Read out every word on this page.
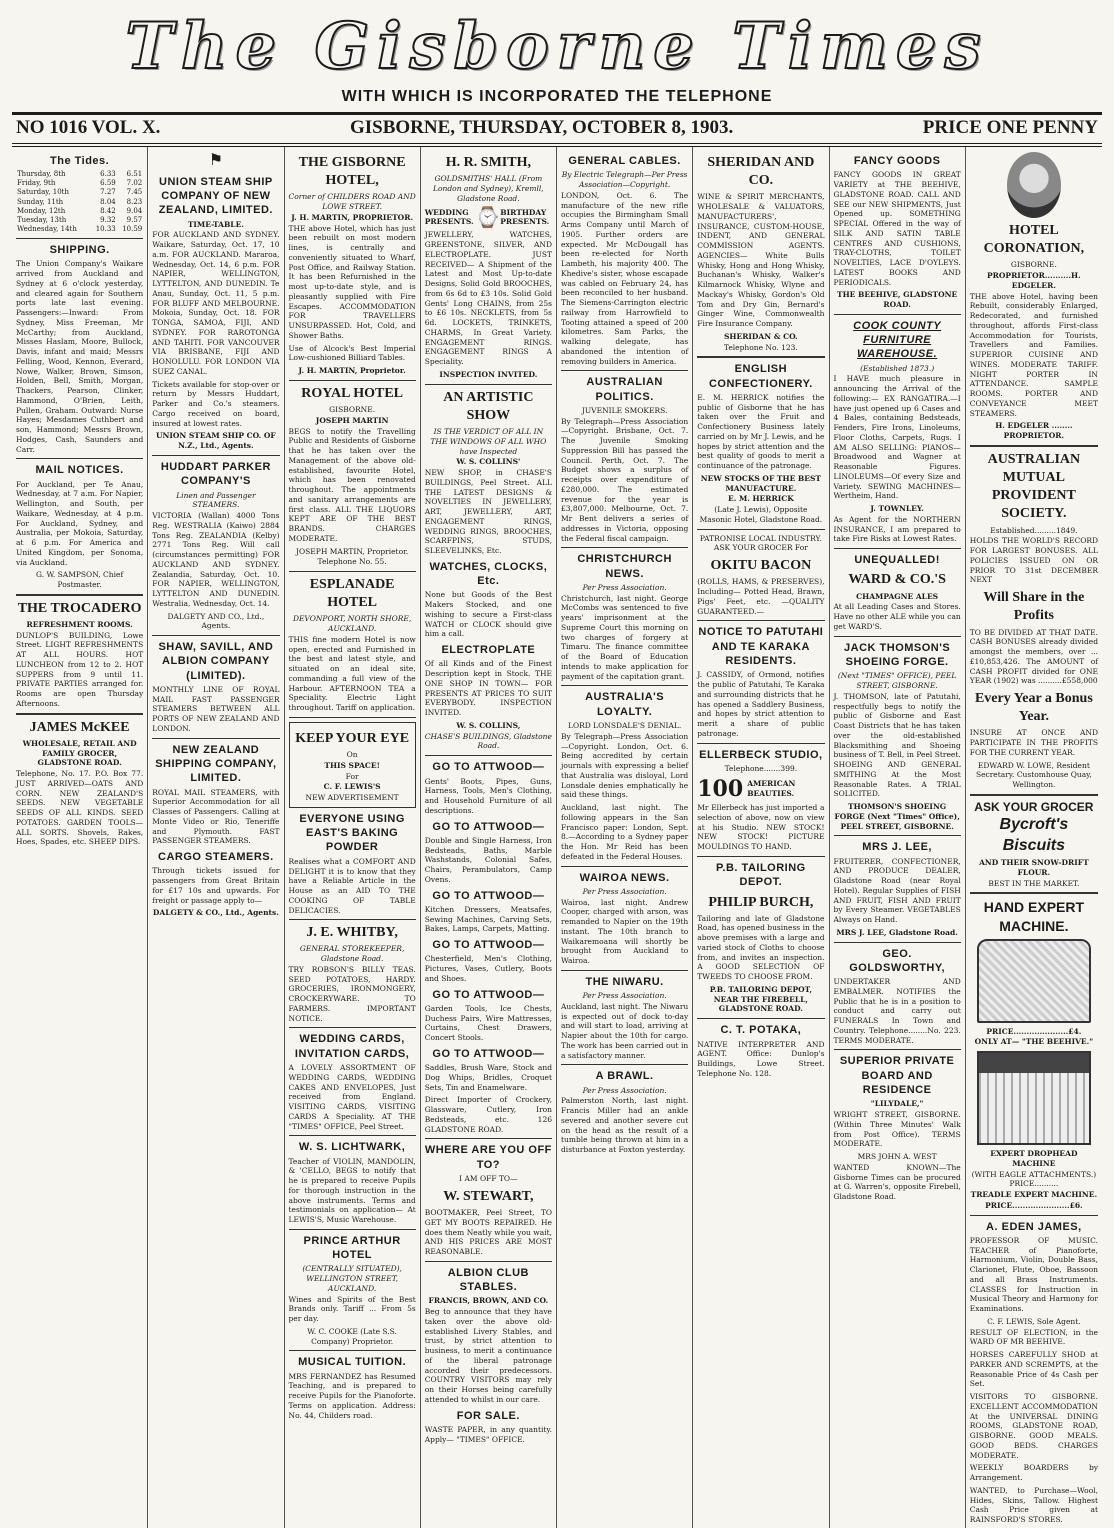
The Gisborne Times
WITH WHICH IS INCORPORATED THE TELEPHONE
NO 1016 VOL. X.	GISBORNE, THURSDAY, OCTOBER 8, 1903.	PRICE ONE PENNY
The Tides.
Thursday, 8th	6.33	6.51
Friday, 9th	6.59	7.02
Saturday, 10th	7.27	7.45
Sunday, 11th	8.04	8.23
Monday, 12th	8.42	9.04
Tuesday, 13th	9.32	9.57
Wednesday, 14th	10.33	10.59
SHIPPING.

The Union Company's Waikare arrived from Auckland and Sydney at 6 o'clock yesterday, and cleared again for Southern ports late last evening. Passengers:—Inward: From Sydney, Miss Freeman, Mr McCarthy; from Auckland, Misses Haslam, Moore, Bullock, Davis, infant and maid; Messrs Felling, Wood, Kennon, Everard, Nowe, Walker, Brown, Simson, Holden, Bell, Smith, Morgan, Thackers, Pearson, Clinker, Hammond, O'Brien, Leith, Pullen, Graham. Outward: Nurse Hayes; Mesdames Cuthbert and son, Hammond; Messrs Brown, Hodges, Cash, Saunders and Carr.

MAIL NOTICES.

For Auckland, per Te Anau, Wednesday, at 7 a.m. For Napier, Wellington, and South, per Waikare, Wednesday, at 4 p.m. For Auckland, Sydney, and Australia, per Mokoia, Saturday, at 6 p.m. For America and United Kingdom, per Sonoma, via Auckland.

G. W. SAMPSON, Chief Postmaster.

THE TROCADERO
REFRESHMENT ROOMS.

DUNLOP'S BUILDING, Lowe Street. LIGHT REFRESHMENTS AT ALL HOURS. HOT LUNCHEON from 12 to 2. HOT SUPPERS from 9 until 11. PRIVATE PARTIES arranged for. Rooms are open Thursday Afternoons.

JAMES McKEE
WHOLESALE, RETAIL AND FAMILY GROCER, GLADSTONE ROAD.

Telephone, No. 17. P.O. Box 77. JUST ARRIVED—OATS AND CORN. NEW ZEALAND'S SEEDS. NEW VEGETABLE SEEDS OF ALL KINDS. SEED POTATOES. GARDEN TOOLS—ALL SORTS. Shovels, Rakes, Hoes, Spades, etc. SHEEP DIPS.

⚑
UNION STEAM SHIP COMPANY OF NEW ZEALAND, LIMITED.
TIME-TABLE.

FOR AUCKLAND AND SYDNEY. Waikare, Saturday, Oct. 17, 10 a.m. FOR AUCKLAND. Mararoa, Wednesday, Oct. 14, 6 p.m. FOR NAPIER, WELLINGTON, LYTTELTON, AND DUNEDIN. Te Anau, Sunday, Oct. 11, 5 p.m. FOR BLUFF AND MELBOURNE. Mokoia, Sunday, Oct. 18. FOR TONGA, SAMOA, FIJI, AND SYDNEY. FOR RAROTONGA AND TAHITI. FOR VANCOUVER VIA BRISBANE, FIJI AND HONOLULU. FOR LONDON VIA SUEZ CANAL.

Tickets available for stop-over or return by Messrs Huddart, Parker and Co.'s steamers. Cargo received on board, insured at lowest rates.

UNION STEAM SHIP CO. OF N.Z., Ltd., Agents.

HUDDART PARKER COMPANY'S
Linen and Passenger STEAMERS.

VICTORIA (Wallan) 4000 Tons Reg. WESTRALIA (Kaiwo) 2884 Tons Reg. ZEALANDIA (Kelby) 2771 Tons Reg. Will call (circumstances permitting) FOR AUCKLAND AND SYDNEY. Zealandia, Saturday, Oct. 10. FOR NAPIER, WELLINGTON, LYTTELTON AND DUNEDIN. Westralia, Wednesday, Oct. 14.

DALGETY AND CO., Ltd., Agents.

SHAW, SAVILL, AND ALBION COMPANY (LIMITED).

MONTHLY LINE OF ROYAL MAIL FAST PASSENGER STEAMERS BETWEEN ALL PORTS OF NEW ZEALAND AND LONDON.

NEW ZEALAND SHIPPING COMPANY, LIMITED.

ROYAL MAIL STEAMERS, with Superior Accommodation for all Classes of Passengers. Calling at Monte Video or Rio, Teneriffe and Plymouth. FAST PASSENGER STEAMERS.

CARGO STEAMERS.

Through tickets issued for passengers from Great Britain for £17 10s and upwards. For freight or passage apply to—

DALGETY & CO., Ltd., Agents.

THE GISBORNE HOTEL,
Corner of CHILDERS ROAD AND LOWE STREET.
J. H. MARTIN, PROPRIETOR.

THE above Hotel, which has just been rebuilt on most modern lines, is centrally and conveniently situated to Wharf, Post Office, and Railway Station. It has been Refurnished in the most up-to-date style, and is pleasantly supplied with Fire Escapes. ACCOMMODATION FOR TRAVELLERS UNSURPASSED. Hot, Cold, and Shower Baths.

Use of Alcock's Best Imperial Low-cushioned Billiard Tables.

J. H. MARTIN, Proprietor.

ROYAL HOTEL
GISBORNE.
JOSEPH MARTIN

BEGS to notify the Travelling Public and Residents of Gisborne that he has taken over the Management of the above old-established, favourite Hotel, which has been renovated throughout. The appointments and sanitary arrangements are first class. ALL THE LIQUORS KEPT ARE OF THE BEST BRANDS. CHARGES MODERATE.

JOSEPH MARTIN, Proprietor.

Telephone No. 55.

ESPLANADE HOTEL
DEVONPORT, NORTH SHORE, AUCKLAND.

THIS fine modern Hotel is now open, erected and Furnished in the best and latest style, and situated on an ideal site, commanding a full view of the Harbour. AFTERNOON TEA a Speciality. Electric Light throughout. Tariff on application.

KEEP YOUR EYE
On
THIS SPACE!
For
C. F. LEWIS'S
NEW ADVERTISEMENT
EVERYONE USING EAST'S BAKING POWDER

Realises what a COMFORT AND DELIGHT it is to know that they have a Reliable Article in the House as an AID TO THE COOKING OF TABLE DELICACIES.

J. E. WHITBY,
GENERAL STOREKEEPER, Gladstone Road.

TRY ROBSON'S BILLY TEAS. SEED POTATOES, HARDY. GROCERIES, IRONMONGERY, CROCKERYWARE. TO FARMERS. IMPORTANT NOTICE.

WEDDING CARDS, INVITATION CARDS,

A LOVELY ASSORTMENT OF WEDDING CARDS, WEDDING CAKES AND ENVELOPES, Just received from England. VISITING CARDS, VISITING CARDS A Speciality. AT THE "TIMES" OFFICE, Peel Street.

W. S. LICHTWARK,

Teacher of VIOLIN, MANDOLIN, & 'CELLO, BEGS to notify that he is prepared to receive Pupils for thorough instruction in the above instruments. Terms and testimonials on application— At LEWIS'S, Music Warehouse.

PRINCE ARTHUR HOTEL
(CENTRALLY SITUATED), WELLINGTON STREET, AUCKLAND.

Wines and Spirits of the Best Brands only. Tariff ... From 5s per day.

W. C. COOKE (Late S.S. Company) Proprietor.

MUSICAL TUITION.

MRS FERNANDEZ has Resumed Teaching, and is prepared to receive Pupils for the Pianoforte. Terms on application. Address: No. 44, Childers road.

H. R. SMITH,
GOLDSMITHS' HALL (From London and Sydney), Kremll, Gladstone Road.
WEDDING PRESENTS. ⌚ BIRTHDAY PRESENTS.

JEWELLERY, WATCHES, GREENSTONE, SILVER, AND ELECTROPLATE. JUST RECEIVED— A Shipment of the Latest and Most Up-to-date Designs, Solid Gold BROOCHES, from 6s 6d to £3 10s. Solid Gold Gents' Long CHAINS, from 25s to £6 10s. NECKLETS, from 5s 6d. LOCKETS, TRINKETS, CHARMS, In Great Variety. ENGAGEMENT RINGS. ENGAGEMENT RINGS A Speciality.

INSPECTION INVITED.

AN ARTISTIC SHOW
IS THE VERDICT OF ALL IN THE WINDOWS OF ALL WHO have Inspected
W. S. COLLINS'

NEW SHOP, in CHASE'S BUILDINGS, Peel Street. ALL THE LATEST DESIGNS & NOVELTIES IN JEWELLERY, ART, JEWELLERY, ART, ENGAGEMENT RINGS, WEDDING RINGS, BROOCHES, SCARFPINS, STUDS, SLEEVELINKS, Etc.

WATCHES, CLOCKS, Etc.

None but Goods of the Best Makers Stocked, and one wishing to secure a First-class WATCH or CLOCK should give him a call.

ELECTROPLATE

Of all Kinds and of the Finest Description kept in Stock. THE ONE SHOP IN TOWN— FOR PRESENTS AT PRICES TO SUIT EVERYBODY. INSPECTION INVITED.

W. S. COLLINS,
CHASE'S BUILDINGS, Gladstone Road.
GO TO ATTWOOD—

Gents' Boots, Pipes, Guns, Harness, Tools, Men's Clothing, and Household Furniture of all descriptions.

GO TO ATTWOOD—

Double and Single Harness, Iron Bedsteads, Baths, Marble Washstands, Colonial Safes, Chairs, Perambulators, Camp Ovens.

GO TO ATTWOOD—

Kitchen Dressers, Meatsafes, Sewing Machines, Carving Sets, Bakes, Lamps, Carpets, Matting.

GO TO ATTWOOD—

Chesterfield, Men's Clothing, Pictures, Vases, Cutlery, Boots and Shoes.

GO TO ATTWOOD—

Garden Tools, Ice Chests, Duchess Pairs, Wire Mattresses, Curtains, Chest Drawers, Concert Stools.

GO TO ATTWOOD—

Saddles, Brush Ware, Stock and Dog Whips, Bridles, Croquet Sets, Tin and Enamelware.

Direct Importer of Crockery, Glassware, Cutlery, Iron Bedsteads, etc. 126 GLADSTONE ROAD.

WHERE ARE YOU OFF TO?
I AM OFF TO—
W. STEWART,

BOOTMAKER, Peel Street, TO GET MY BOOTS REPAIRED. He does them Neatly while you wait, AND HIS PRICES ARE MOST REASONABLE.

ALBION CLUB STABLES.
FRANCIS, BROWN, AND CO.

Beg to announce that they have taken over the above old-established Livery Stables, and trust, by strict attention to business, to merit a continuance of the liberal patronage accorded their predecessors. COUNTRY VISITORS may rely on their Horses being carefully attended to whilst in our care.

FOR SALE.

WASTE PAPER, in any quantity. Apply— "TIMES" OFFICE.

GENERAL CABLES.
By Electric Telegraph—Per Press Association—Copyright.

LONDON, Oct. 6. The manufacture of the new rifle occupies the Birmingham Small Arms Company until March of 1905. Further orders are expected. Mr McDougall has been re-elected for North Lambeth, his majority 400. The Khedive's sister, whose escapade was cabled on February 24, has been reconciled to her husband. The Siemens-Carrington electric railway from Harrowfield to Tooting attained a speed of 200 kilometres. Sam Parks, the walking delegate, has abandoned the intention of removing builders in America.

AUSTRALIAN POLITICS.
JUVENILE SMOKERS.

By Telegraph—Press Association—Copyright. Brisbane, Oct. 7. The Juvenile Smoking Suppression Bill has passed the Council. Perth, Oct. 7. The Budget shows a surplus of receipts over expenditure of £280,000. The estimated revenue for the year is £3,807,000. Melbourne, Oct. 7. Mr Bent delivers a series of addresses in Victoria, opposing the Federal fiscal campaign.

CHRISTCHURCH NEWS.
Per Press Association.

Christchurch, last night. George McCombs was sentenced to five years' imprisonment at the Supreme Court this morning on two charges of forgery at Timaru. The finance committee of the Board of Education intends to make application for payment of the capitation grant.

AUSTRALIA'S LOYALTY.
LORD LONSDALE'S DENIAL.

By Telegraph—Press Association—Copyright. London, Oct. 6. Being accredited by certain journals with expressing a belief that Australia was disloyal, Lord Lonsdale denies emphatically he said these things.

Auckland, last night. The following appears in the San Francisco paper: London, Sept. 8.—According to a Sydney paper the Hon. Mr Reid has been defeated in the Federal Houses.

WAIROA NEWS.
Per Press Association.

Wairoa, last night. Andrew Cooper, charged with arson, was remanded to Napier on the 19th instant. The 10th branch to Waikaremoana will shortly be brought from Auckland to Wairoa.

THE NIWARU.
Per Press Association.

Auckland, last night. The Niwaru is expected out of dock to-day and will start to load, arriving at Napier about the 10th for cargo. The work has been carried out in a satisfactory manner.

A BRAWL.
Per Press Association.

Palmerston North, last night. Francis Miller had an ankle severed and another severe cut on the head as the result of a tumble being thrown at him in a disturbance at Foxton yesterday.

SHERIDAN AND CO.

WINE & SPIRIT MERCHANTS, WHOLESALE & VALUATORS, MANUFACTURERS', INSURANCE, CUSTOM-HOUSE, INDENT, AND GENERAL COMMISSION AGENTS. AGENCIES— White Bulls Whisky, Hong and Hong Whisky, Buchanan's Whisky, Walker's Kilmarnock Whisky, Wlyne and Mackay's Whisky, Gordon's Old Tom and Dry Gin, Bernard's Ginger Wine, Commonwealth Fire Insurance Company.

SHERIDAN & CO.

Telephone No. 123.

ENGLISH CONFECTIONERY.

E. M. HERRICK notifies the public of Gisborne that he has taken over the Fruit and Confectionery Business lately carried on by Mr J. Lewis, and he hopes by strict attention and the best quality of goods to merit a continuance of the patronage.

NEW STOCKS OF THE BEST MANUFACTURE.

E. M. HERRICK

(Late J. Lewis), Opposite Masonic Hotel, Gladstone Road.

PATRONISE LOCAL INDUSTRY. ASK YOUR GROCER For

OKITU BACON

(ROLLS, HAMS, & PRESERVES), Including— Potted Head, Brawn, Pigs' Feet, etc. —QUALITY GUARANTEED.—

NOTICE TO PATUTAHI AND TE KARAKA RESIDENTS.

J. CASSIDY, of Ormond, notifies the public of Patutahi, Te Karaka and surrounding districts that he has opened a Saddlery Business, and hopes by strict attention to merit a share of public patronage.

ELLERBECK STUDIO,
Telephone.......399.
100 AMERICAN BEAUTIES.

Mr Ellerbeck has just imported a selection of above, now on view at his Studio. NEW STOCK! NEW STOCK! PICTURE MOULDINGS TO HAND.

P.B. TAILORING DEPOT.
PHILIP BURCH,

Tailoring and late of Gladstone Road, has opened business in the above premises with a large and varied stock of Cloths to choose from, and invites an inspection. A GOOD SELECTION OF TWEEDS TO CHOOSE FROM.

P.B. TAILORING DEPOT, NEAR THE FIREBELL, GLADSTONE ROAD.

C. T. POTAKA,

NATIVE INTERPRETER AND AGENT. Office: Dunlop's Buildings, Lowe Street. Telephone No. 128.

FANCY GOODS

FANCY GOODS IN GREAT VARIETY at THE BEEHIVE, GLADSTONE ROAD. CALL AND SEE our NEW SHIPMENTS, Just Opened up. SOMETHING SPECIAL Offered in the way of SILK AND SATIN TABLE CENTRES AND CUSHIONS, TRAY-CLOTHS, TOILET NOVELTIES, LACE D'OYLEYS. LATEST BOOKS AND PERIODICALS.

THE BEEHIVE, GLADSTONE ROAD.

COOK COUNTY FURNITURE WAREHOUSE.
(Established 1873.)

I HAVE much pleasure in announcing the Arrival of the following:— EX RANGATIRA.—I have just opened up 6 Cases and 4 Bales, containing Bedsteads, Fenders, Fire Irons, Linoleums, Floor Cloths, Carpets, Rugs. I AM ALSO SELLING: PIANOS—Broadwood and Wagner at Reasonable Figures. LINOLEUMS—Of every Size and Variety. SEWING MACHINES—Wertheim, Hand.

J. TOWNLEY.

As Agent for the NORTHERN INSURANCE, I am prepared to take Fire Risks at Lowest Rates.

UNEQUALLED!
WARD & CO.'S
CHAMPAGNE ALES

At all Leading Cases and Stores. Have no other ALE while you can get WARD'S.

JACK THOMSON'S SHOEING FORGE.
(Next "TIMES" OFFICE), PEEL STREET, GISBORNE.

J. THOMSON, late of Patutahi, respectfully begs to notify the public of Gisborne and East Coast Districts that he has taken over the old-established Blacksmithing and Shoeing business of T. Bell, in Peel Street. SHOEING AND GENERAL SMITHING At the Most Reasonable Rates. A TRIAL SOLICITED.

THOMSON'S SHOEING FORGE (Next "Times" Office), PEEL STREET, GISBORNE.

MRS J. LEE,

FRUITERER, CONFECTIONER, AND PRODUCE DEALER, Gladstone Road (near Royal Hotel). Regular Supplies of FISH AND FRUIT, FISH AND FRUIT by Every Steamer. VEGETABLES Always on Hand.

MRS J. LEE, Gladstone Road.

GEO. GOLDSWORTHY,

UNDERTAKER AND EMBALMER. NOTIFIES the Public that he is in a position to conduct and carry out FUNERALS In Town and Country. Telephone........No. 223. TERMS MODERATE.

SUPERIOR PRIVATE BOARD AND RESIDENCE
"LILYDALE,"

WRIGHT STREET, GISBORNE. (Within Three Minutes' Walk from Post Office). TERMS MODERATE.

MRS JOHN A. WEST

WANTED KNOWN—The Gisborne Times can be procured at G. Warren's, opposite Firebell, Gladstone Road.

HOTEL CORONATION,
GISBORNE.
PROPRIETOR..........H. EDGELER.

THE above Hotel, having been Rebuilt, considerably Enlarged, Redecorated, and furnished throughout, affords First-class Accommodation for Tourists, Travellers and Families. SUPERIOR CUISINE AND WINES. MODERATE TARIFF. NIGHT PORTER IN ATTENDANCE. SAMPLE ROOMS. PORTER AND CONVEYANCE MEET STEAMERS.

H. EDGELER ........ PROPRIETOR.

AUSTRALIAN MUTUAL PROVIDENT SOCIETY.
Established.........1849.

HOLDS THE WORLD'S RECORD FOR LARGEST BONUSES. ALL POLICIES ISSUED ON OR PRIOR TO 31st DECEMBER NEXT

Will Share in the Profits

TO BE DIVIDED AT THAT DATE. CASH BONUSES already divided amongst the members, over ...£10,853,426. The AMOUNT of CASH PROFIT divided for ONE YEAR (1902) was ..........£558,000

Every Year a Bonus Year.

INSURE AT ONCE AND PARTICIPATE IN THE PROFITS FOR THE CURRENT YEAR.

EDWARD W. LOWE, Resident Secretary. Customhouse Quay, Wellington.

ASK YOUR GROCER
Bycroft's Biscuits
AND THEIR SNOW-DRIFT FLOUR.
BEST IN THE MARKET.
HAND EXPERT MACHINE.
PRICE.....................£4.
ONLY AT— "THE BEEHIVE."
EXPERT DROPHEAD MACHINE
(WITH EAGLE ATTACHMENTS.) PRICE..........
TREADLE EXPERT MACHINE.
PRICE......................£6.
A. EDEN JAMES,

PROFESSOR OF MUSIC. TEACHER of Pianoforte, Harmonium, Violin, Double Bass, Clarionet, Flute, Oboe, Bassoon and all Brass Instruments. CLASSES for Instruction in Musical Theory and Harmony for Examinations.

C. F. LEWIS, Sole Agent.

RESULT OF ELECTION, in the WARD OF MR BEEHIVE.

HORSES CAREFULLY SHOD at PARKER AND SCREMPTS, at the Reasonable Price of 4s Cash per Set.

VISITORS TO GISBORNE. EXCELLENT ACCOMMODATION At the UNIVERSAL DINING ROOMS, GLADSTONE ROAD, GISBORNE. GOOD MEALS. GOOD BEDS. CHARGES MODERATE.

WEEKLY BOARDERS by Arrangement.

WANTED, to Purchase—Wool, Hides, Skins, Tallow. Highest Cash Price given at RAINSFORD'S STORES.
